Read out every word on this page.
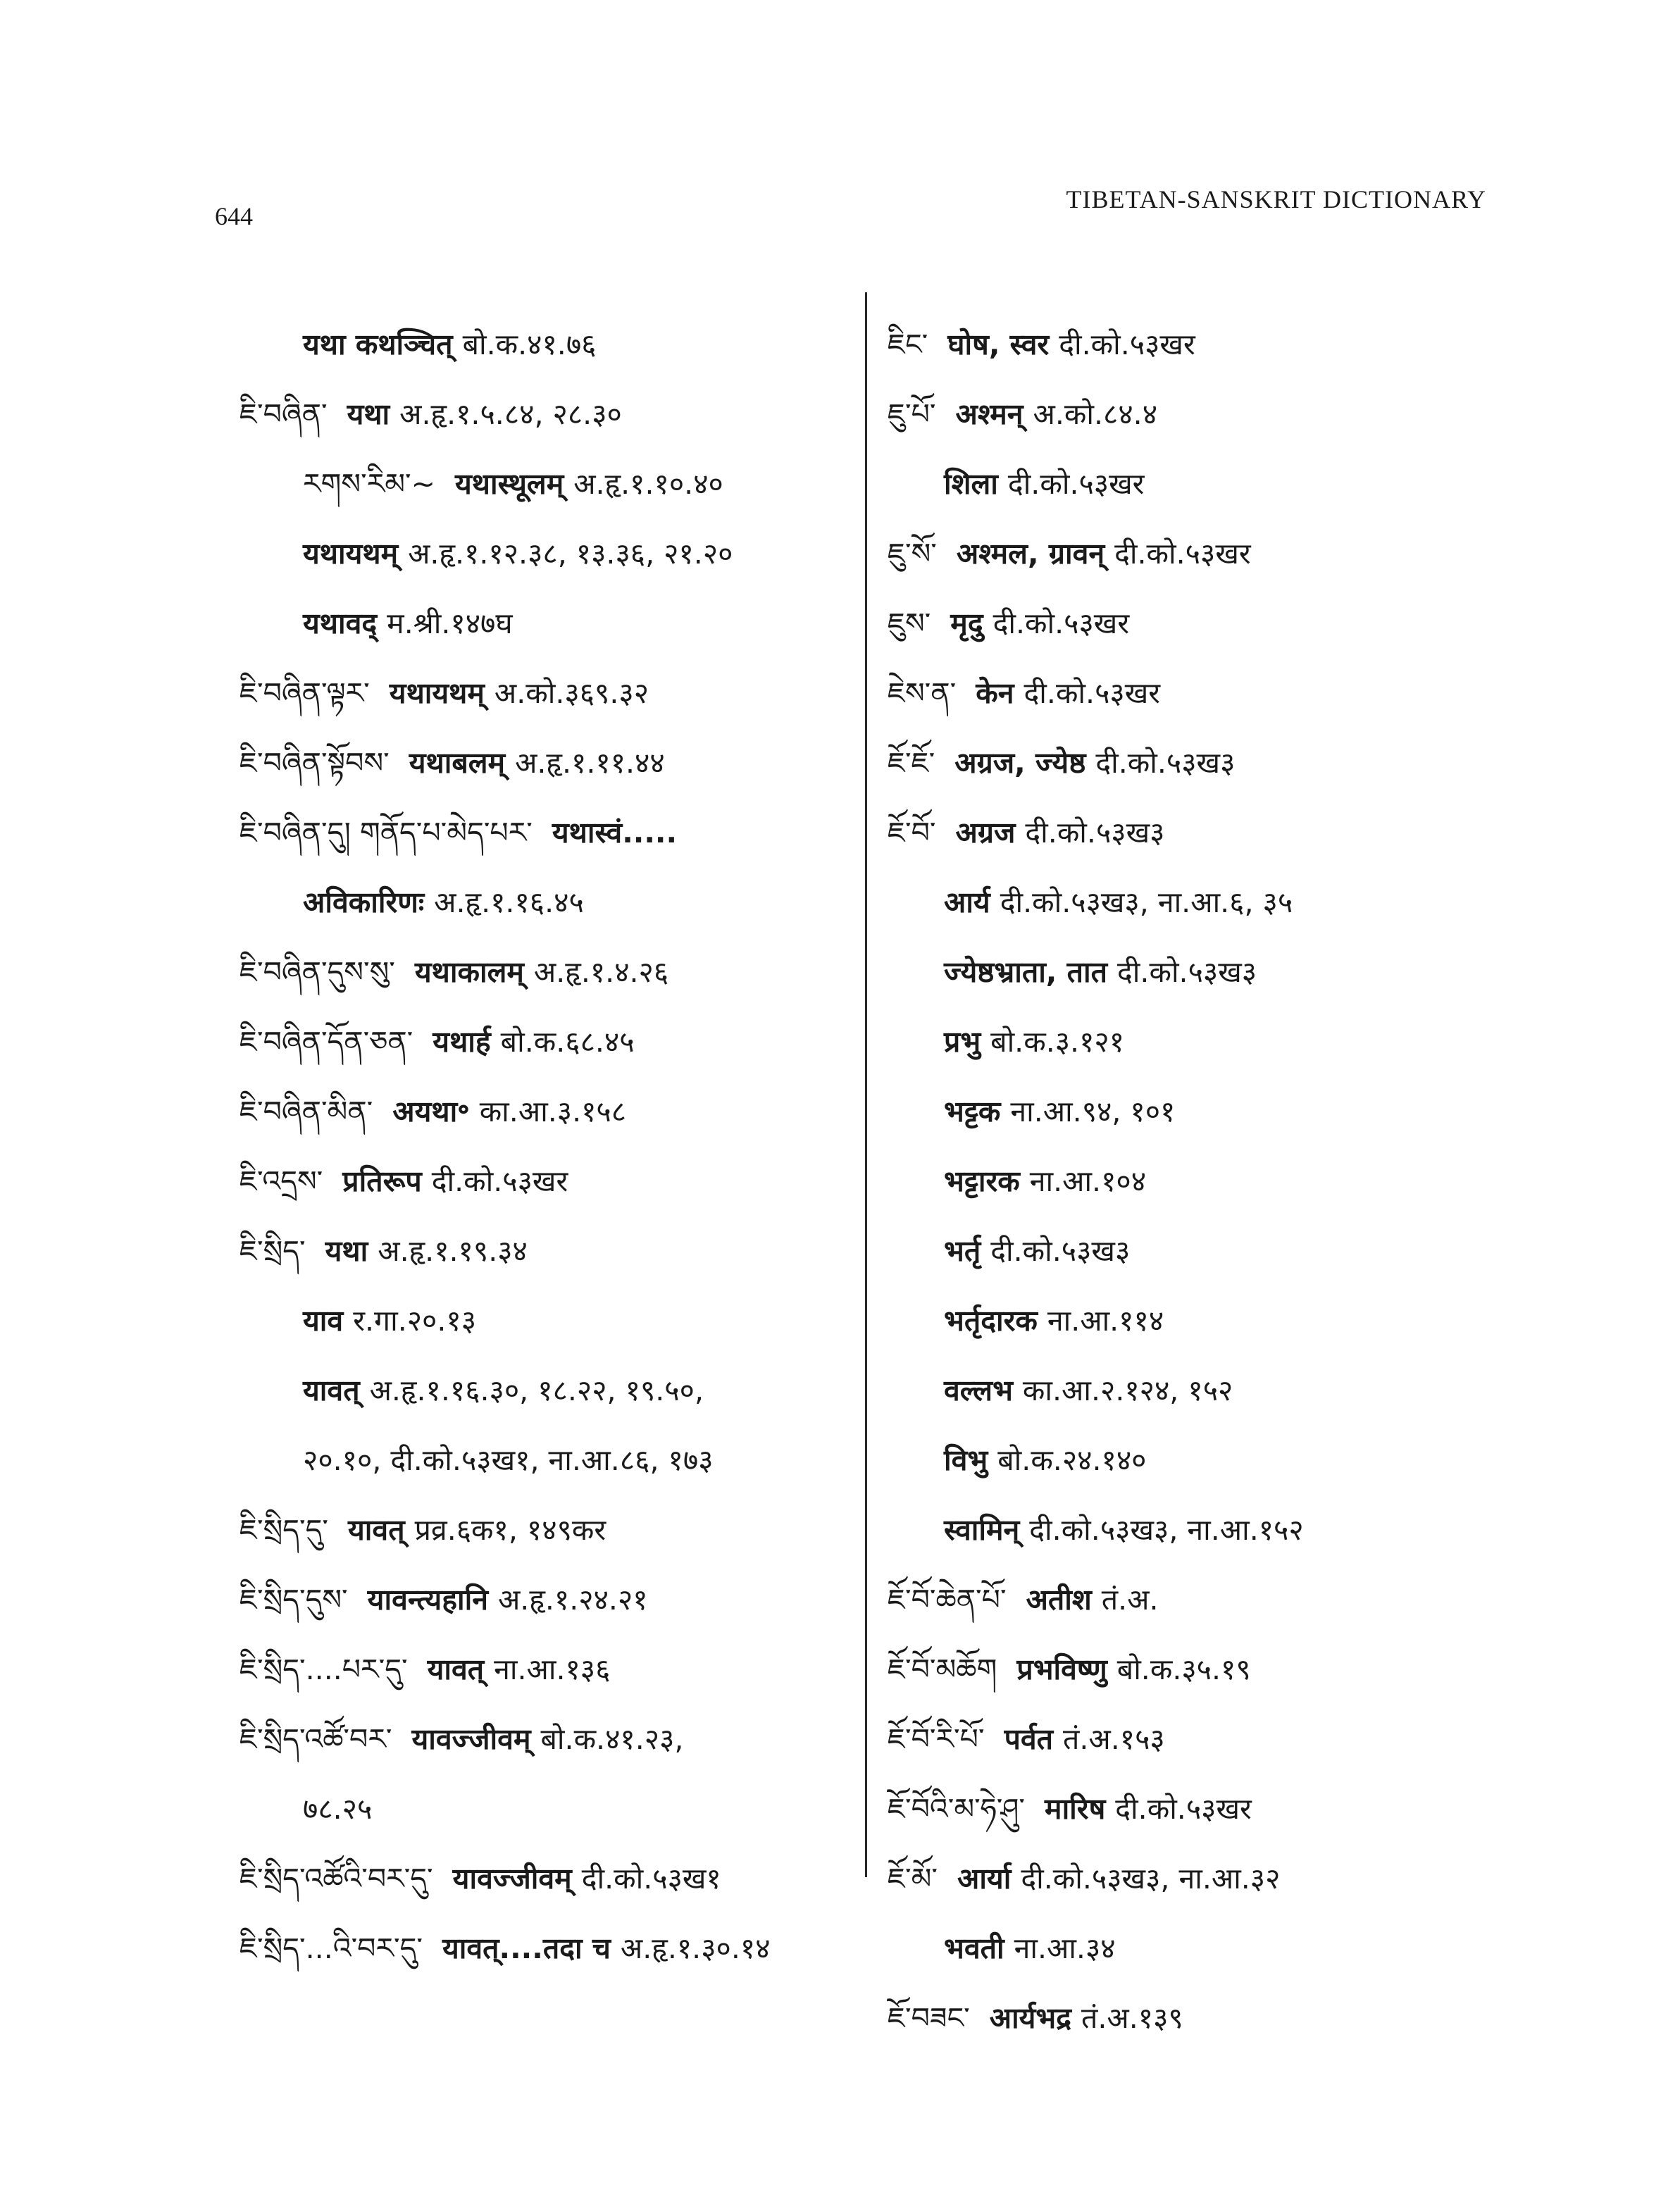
644
TIBETAN-SANSKRIT DICTIONARY
यथा कथञ्चित् बो.क.४१.७६
ཇི་བཞིན་ यथा अ.हृ.१.५.८४, २८.३०
རགས་རིམ་~ यथास्थूलम् अ.हृ.१.१०.४०
यथायथम् अ.हृ.१.१२.३८, १३.३६, २१.२०
यथावद् म.श्री.१४७घ
ཇི་བཞིན་ལྟར་ यथायथम् अ.को.३६९.३२
ཇི་བཞིན་སྟོབས་ यथाबलम् अ.हृ.१.११.४४
ཇི་བཞིན་དུ། གནོད་པ་མེད་པར་ यथास्वं.....
अविकारिणः अ.हृ.१.१६.४५
ཇི་བཞིན་དུས་སུ་ यथाकालम् अ.हृ.१.४.२६
ཇི་བཞིན་དོན་ཅན་ यथार्ह बो.क.६८.४५
ཇི་བཞིན་མིན་ अयथा॰ का.आ.३.१५८
ཇི་འདྲས་ प्रतिरूप दी.को.५३खर
ཇི་སྲིད་ यथा अ.हृ.१.१९.३४
याव र.गा.२०.१३
यावत् अ.हृ.१.१६.३०, १८.२२, १९.५०,
२०.१०, दी.को.५३ख१, ना.आ.८६, १७३
ཇི་སྲིད་དུ་ यावत् प्रव्र.६क१, १४९कर
ཇི་སྲིད་དུས་ यावन्त्यहानि अ.हृ.१.२४.२१
ཇི་སྲིད་....པར་དུ་ यावत् ना.आ.१३६
ཇི་སྲིད་འཚོ་བར་ यावज्जीवम् बो.क.४१.२३,
७८.२५
ཇི་སྲིད་འཚོའི་བར་དུ་ यावज्जीवम् दी.को.५३ख१
ཇི་སྲིད་...འི་བར་དུ་ यावत्....तदा च अ.हृ.१.३०.१४
ཇིང་ घोष, स्वर दी.को.५३खर
ཇུ་པོ་ अश्मन् अ.को.८४.४
शिला दी.को.५३खर
ཇུ་སོ་ अश्मल, ग्रावन् दी.को.५३खर
ཇུས་ मृदु दी.को.५३खर
ཇེས་ན་ केन दी.को.५३खर
ཇོ་ཇོ་ अग्रज, ज्येष्ठ दी.को.५३ख३
ཇོ་བོ་ अग्रज दी.को.५३ख३
आर्य दी.को.५३ख३, ना.आ.६, ३५
ज्येष्ठभ्राता, तात दी.को.५३ख३
प्रभु बो.क.३.१२१
भट्टक ना.आ.९४, १०१
भट्टारक ना.आ.१०४
भर्तृ दी.को.५३ख३
भर्तृदारक ना.आ.११४
वल्लभ का.आ.२.१२४, १५२
विभु बो.क.२४.१४०
स्वामिन् दी.को.५३ख३, ना.आ.१५२
ཇོ་བོ་ཆེན་པོ་ अतीश तं.अ.
ཇོ་བོ་མཆོག प्रभविष्णु बो.क.३५.१९
ཇོ་བོ་རི་པོ་ पर्वत तं.अ.१५३
ཇོ་བོའི་མ་ཧེ་ཤུ་ मारिष दी.को.५३खर
ཇོ་མོ་ आर्या दी.को.५३ख३, ना.आ.३२
भवती ना.आ.३४
ཇོ་བཟང་ आर्यभद्र तं.अ.१३९
